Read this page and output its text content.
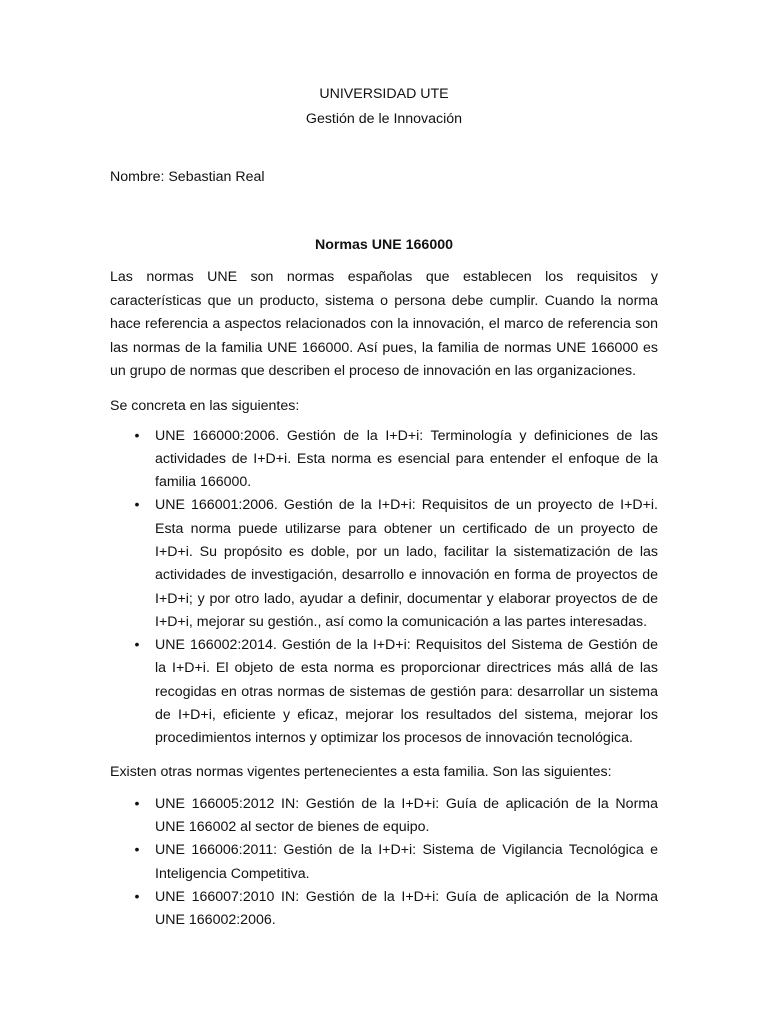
UNIVERSIDAD UTE

Gestión de le Innovación

Nombre: Sebastian Real

Normas UNE 166000

Las normas UNE son normas españolas que establecen los requisitos y características que un producto, sistema o persona debe cumplir. Cuando la norma hace referencia a aspectos relacionados con la innovación, el marco de referencia son las normas de la familia UNE 166000. Así pues, la familia de normas UNE 166000 es un grupo de normas que describen el proceso de innovación en las organizaciones.

Se concreta en las siguientes:

•	UNE 166000:2006. Gestión de la I+D+i: Terminología y definiciones de las actividades de I+D+i. Esta norma es esencial para entender el enfoque de la familia 166000.
•	UNE 166001:2006. Gestión de la I+D+i: Requisitos de un proyecto de I+D+i. Esta norma puede utilizarse para obtener un certificado de un proyecto de I+D+i. Su propósito es doble, por un lado, facilitar la sistematización de las actividades de investigación, desarrollo e innovación en forma de proyectos de I+D+i; y por otro lado, ayudar a definir, documentar y elaborar proyectos de de I+D+i, mejorar su gestión., así como la comunicación a las partes interesadas.
•	UNE 166002:2014. Gestión de la I+D+i: Requisitos del Sistema de Gestión de la I+D+i. El objeto de esta norma es proporcionar directrices más allá de las recogidas en otras normas de sistemas de gestión para: desarrollar un sistema de I+D+i, eficiente y eficaz, mejorar los resultados del sistema, mejorar los procedimientos internos y optimizar los procesos de innovación tecnológica.

Existen otras normas vigentes pertenecientes a esta familia. Son las siguientes:

•	UNE 166005:2012 IN: Gestión de la I+D+i: Guía de aplicación de la Norma UNE 166002 al sector de bienes de equipo.
•	UNE 166006:2011: Gestión de la I+D+i: Sistema de Vigilancia Tecnológica e Inteligencia Competitiva.
•	UNE 166007:2010 IN: Gestión de la I+D+i: Guía de aplicación de la Norma UNE 166002:2006.
